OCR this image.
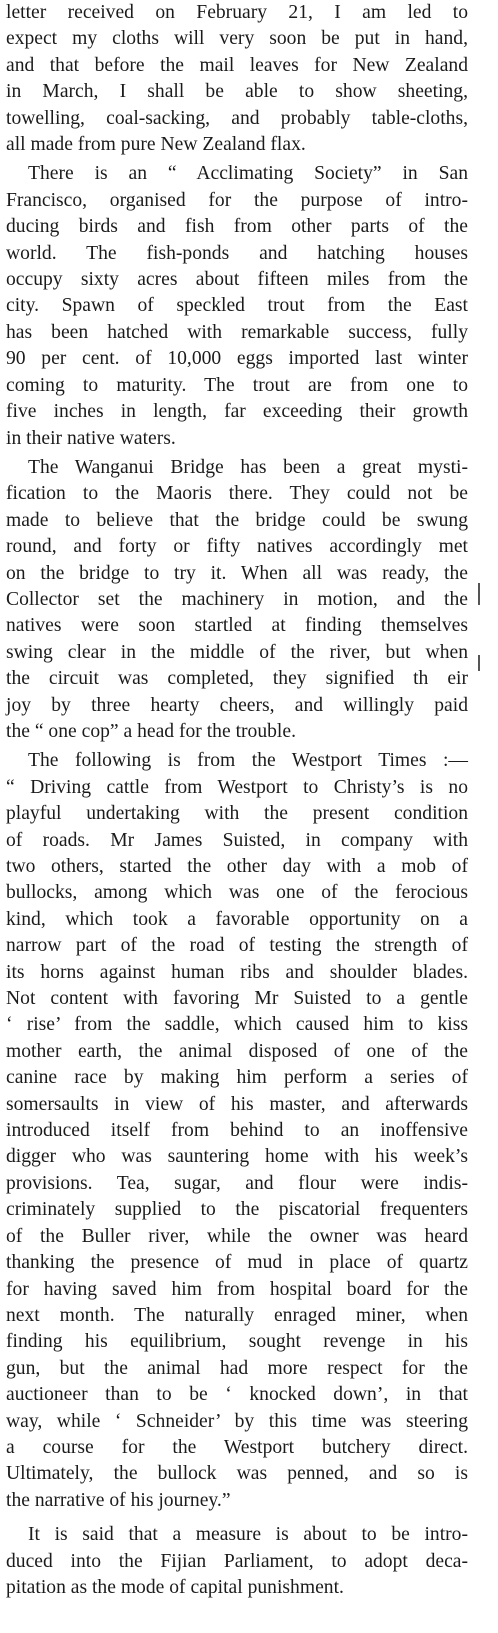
letter received on February 21, I am led to
expect my cloths will very soon be put in hand,
and that before the mail leaves for New Zealand
in March, I shall be able to show sheeting,
towelling, coal-sacking, and probably table-cloths,
all made from pure New Zealand flax.

There is an “ Acclimating Society” in San
Francisco, organised for the purpose of intro-
ducing birds and fish from other parts of the
world. The fish-ponds and hatching houses
occupy sixty acres about fifteen miles from the
city. Spawn of speckled trout from the East
has been hatched with remarkable success, fully
90 per cent. of 10,000 eggs imported last winter
coming to maturity. The trout are from one to
five inches in length, far exceeding their growth
in their native waters.

The Wanganui Bridge has been a great mysti-
fication to the Maoris there. They could not be
made to believe that the bridge could be swung
round, and forty or fifty natives accordingly met
on the bridge to try it. When all was ready, the
Collector set the machinery in motion, and the
natives were soon startled at finding themselves
swing clear in the middle of the river, but when
the circuit was completed, they signified th eir
joy by three hearty cheers, and willingly paid
the “ one cop” a head for the trouble.

The following is from the Westport Times :—
“ Driving cattle from Westport to Christy’s is no
playful undertaking with the present condition
of roads. Mr James Suisted, in company with
two others, started the other day with a mob of
bullocks, among which was one of the ferocious
kind, which took a favorable opportunity on a
narrow part of the road of testing the strength of
its horns against human ribs and shoulder blades.
Not content with favoring Mr Suisted to a gentle
‘ rise’ from the saddle, which caused him to kiss
mother earth, the animal disposed of one of the
canine race by making him perform a series of
somersaults in view of his master, and afterwards
introduced itself from behind to an inoffensive
digger who was sauntering home with his week’s
provisions. Tea, sugar, and flour were indis-
criminately supplied to the piscatorial frequenters
of the Buller river, while the owner was heard
thanking the presence of mud in place of quartz
for having saved him from hospital board for the
next month. The naturally enraged miner, when
finding his equilibrium, sought revenge in his
gun, but the animal had more respect for the
auctioneer than to be ‘ knocked down’, in that
way, while ‘ Schneider’ by this time was steering
a course for the Westport butchery direct.
Ultimately, the bullock was penned, and so is
the narrative of his journey.”

It is said that a measure is about to be intro-
duced into the Fijian Parliament, to adopt deca-
pitation as the mode of capital punishment.
